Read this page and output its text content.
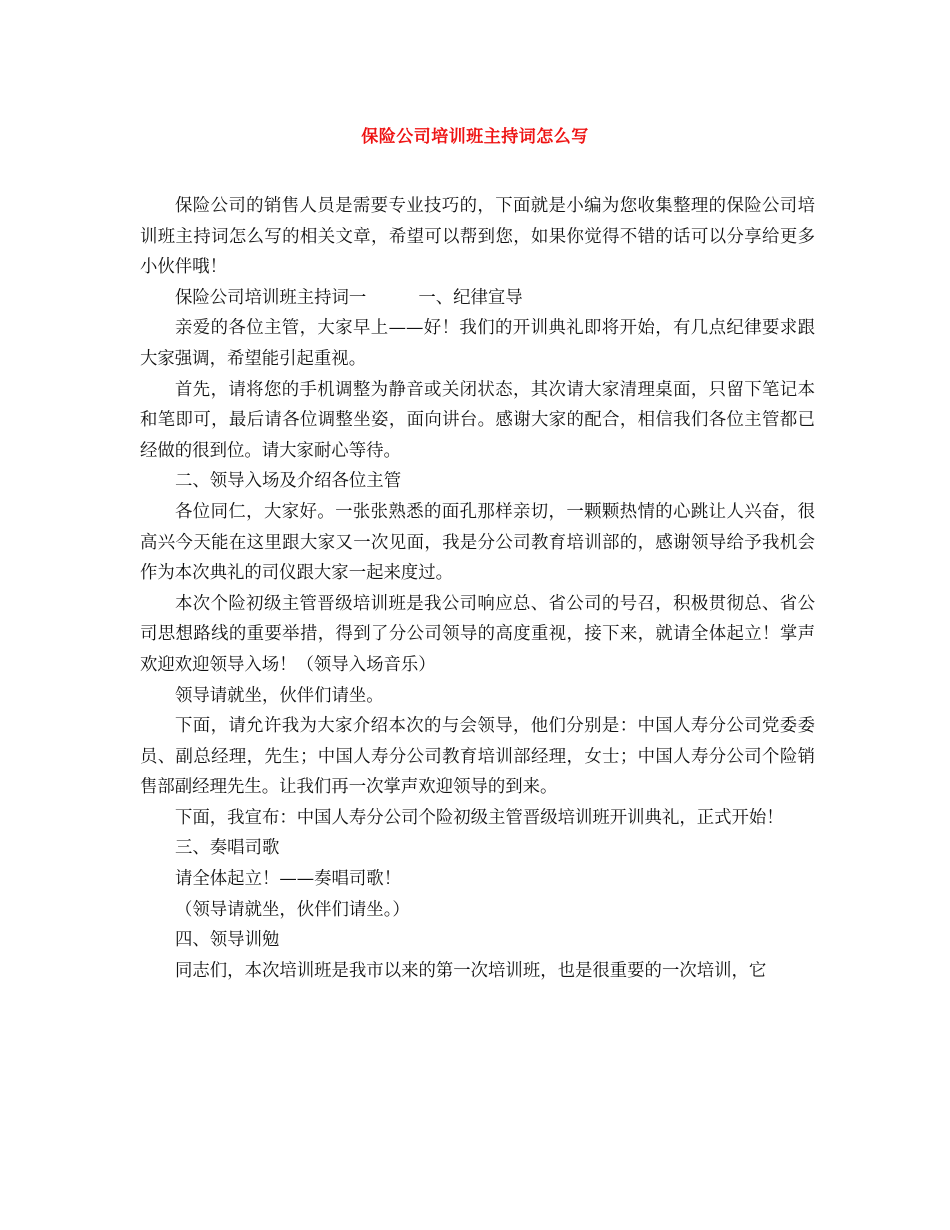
保险公司培训班主持词怎么写

保险公司的销售人员是需要专业技巧的，下面就是小编为您收集整理的保险公司培训班主持词怎么写的相关文章，希望可以帮到您，如果你觉得不错的话可以分享给更多小伙伴哦！

保险公司培训班主持词一	一、纪律宣导

亲爱的各位主管，大家早上——好！我们的开训典礼即将开始，有几点纪律要求跟大家强调，希望能引起重视。

首先，请将您的手机调整为静音或关闭状态，其次请大家清理桌面，只留下笔记本和笔即可，最后请各位调整坐姿，面向讲台。感谢大家的配合，相信我们各位主管都已经做的很到位。请大家耐心等待。

二、领导入场及介绍各位主管

各位同仁，大家好。一张张熟悉的面孔那样亲切，一颗颗热情的心跳让人兴奋，很高兴今天能在这里跟大家又一次见面，我是分公司教育培训部的，感谢领导给予我机会作为本次典礼的司仪跟大家一起来度过。

本次个险初级主管晋级培训班是我公司响应总、省公司的号召，积极贯彻总、省公司思想路线的重要举措，得到了分公司领导的高度重视，接下来，就请全体起立！掌声欢迎欢迎领导入场！（领导入场音乐）

领导请就坐，伙伴们请坐。

下面，请允许我为大家介绍本次的与会领导，他们分别是：中国人寿分公司党委委员、副总经理，先生；中国人寿分公司教育培训部经理，女士；中国人寿分公司个险销售部副经理先生。让我们再一次掌声欢迎领导的到来。

下面，我宣布：中国人寿分公司个险初级主管晋级培训班开训典礼，正式开始！

三、奏唱司歌

请全体起立！——奏唱司歌！

（领导请就坐，伙伴们请坐。）

四、领导训勉

同志们，本次培训班是我市以来的第一次培训班，也是很重要的一次培训，它
